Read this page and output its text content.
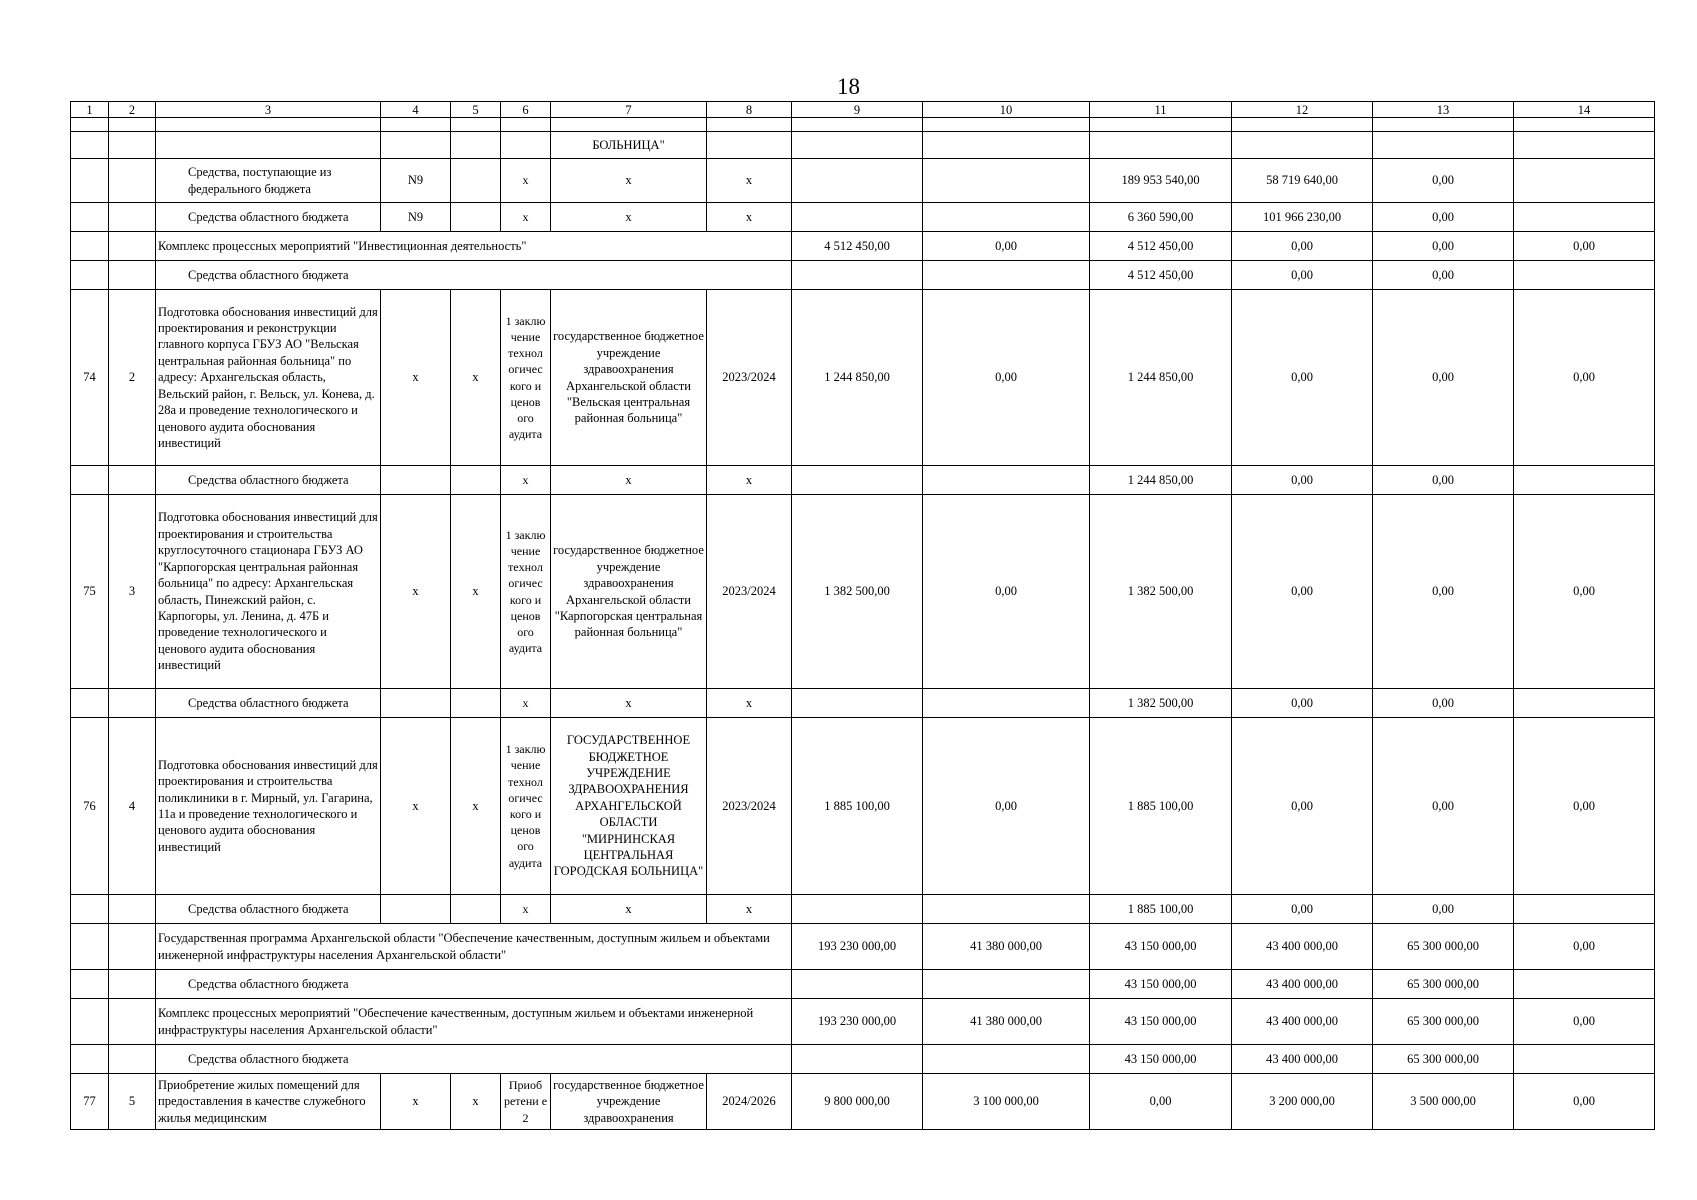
18
1	2	3	4	5	6	7	8	9	10	11	12	13	14

						БОЛЬНИЦА"							
		Средства, поступающие из федерального бюджета	N9		x	x	x			189 953 540,00	58 719 640,00	0,00	
		Средства областного бюджета	N9		x	x	x			6 360 590,00	101 966 230,00	0,00	
		Комплекс процессных мероприятий "Инвестиционная деятельность"						4 512 450,00	0,00	4 512 450,00	0,00	0,00	0,00
		Средства областного бюджета								4 512 450,00	0,00	0,00	
74	2	Подготовка обоснования инвестиций для проектирования и реконструкции главного корпуса ГБУЗ АО "Вельская центральная районная больница" по адресу: Архангельская область, Вельский район, г. Вельск, ул. Конева, д. 28а и проведение технологического и ценового аудита обоснования инвестиций	x	x	1 заклю чение технол огичес кого и ценов ого аудита	государственное бюджетное учреждение здравоохранения Архангельской области "Вельская центральная районная больница"	2023/2024	1 244 850,00	0,00	1 244 850,00	0,00	0,00	0,00
		Средства областного бюджета			x	x	x			1 244 850,00	0,00	0,00	
75	3	Подготовка обоснования инвестиций для проектирования и строительства круглосуточного стационара ГБУЗ АО "Карпогорская центральная районная больница" по адресу: Архангельская область, Пинежский район, с. Карпогоры, ул. Ленина, д. 47Б и проведение технологического и ценового аудита обоснования инвестиций	x	x	1 заклю чение технол огичес кого и ценов ого аудита	государственное бюджетное учреждение здравоохранения Архангельской области "Карпогорская центральная районная больница"	2023/2024	1 382 500,00	0,00	1 382 500,00	0,00	0,00	0,00
		Средства областного бюджета			x	x	x			1 382 500,00	0,00	0,00	
76	4	Подготовка обоснования инвестиций для проектирования и строительства поликлиники в г. Мирный, ул. Гагарина, 11а и проведение технологического и ценового аудита обоснования инвестиций	x	x	1 заклю чение технол огичес кого и ценов ого аудита	ГОСУДАРСТВЕННОЕ БЮДЖЕТНОЕ УЧРЕЖДЕНИЕ ЗДРАВООХРАНЕНИЯ АРХАНГЕЛЬСКОЙ ОБЛАСТИ "МИРНИНСКАЯ ЦЕНТРАЛЬНАЯ ГОРОДСКАЯ БОЛЬНИЦА"	2023/2024	1 885 100,00	0,00	1 885 100,00	0,00	0,00	0,00
		Средства областного бюджета			x	x	x			1 885 100,00	0,00	0,00	
		Государственная программа Архангельской области "Обеспечение качественным, доступным жильем и объектами инженерной инфраструктуры населения Архангельской области"						193 230 000,00	41 380 000,00	43 150 000,00	43 400 000,00	65 300 000,00	0,00
		Средства областного бюджета								43 150 000,00	43 400 000,00	65 300 000,00	
		Комплекс процессных мероприятий "Обеспечение качественным, доступным жильем и объектами инженерной инфраструктуры населения Архангельской области"						193 230 000,00	41 380 000,00	43 150 000,00	43 400 000,00	65 300 000,00	0,00
		Средства областного бюджета								43 150 000,00	43 400 000,00	65 300 000,00	
77	5	Приобретение жилых помещений для предоставления в качестве служебного жилья медицинским	x	x	Приоб ретени е 2	государственное бюджетное учреждение здравоохранения	2024/2026	9 800 000,00	3 100 000,00	0,00	3 200 000,00	3 500 000,00	0,00
